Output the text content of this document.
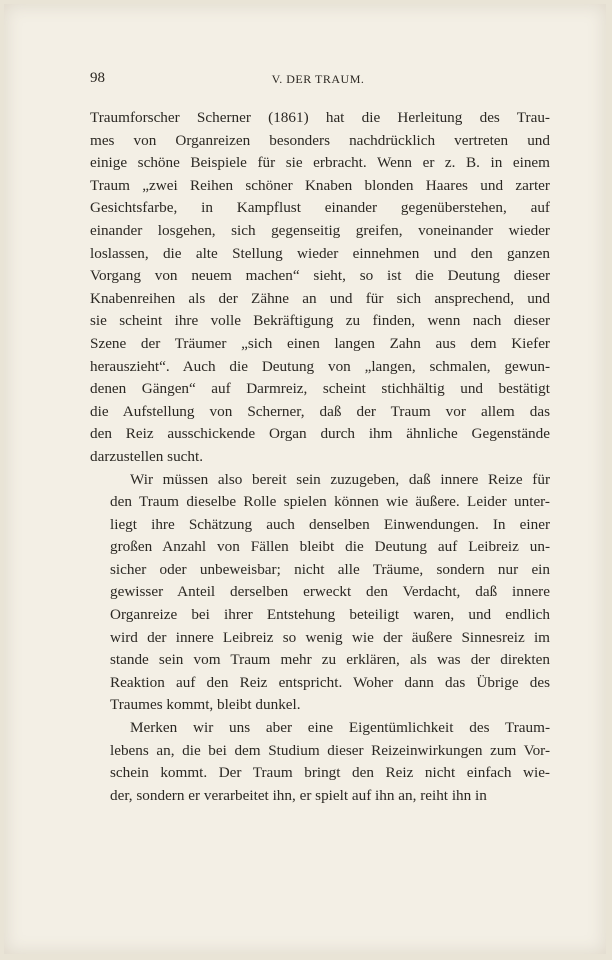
98	V. DER TRAUM.
Traumforscher Scherner (1861) hat die Herleitung des Trau-
mes von Organreizen besonders nachdrücklich vertreten und
einige schöne Beispiele für sie erbracht. Wenn er z. B. in einem
Traum „zwei Reihen schöner Knaben blonden Haares und zarter
Gesichtsfarbe, in Kampflust einander gegenüberstehen, auf
einander losgehen, sich gegenseitig greifen, voneinander wieder
loslassen, die alte Stellung wieder einnehmen und den ganzen
Vorgang von neuem machen“ sieht, so ist die Deutung dieser
Knabenreihen als der Zähne an und für sich ansprechend, und
sie scheint ihre volle Bekräftigung zu finden, wenn nach dieser
Szene der Träumer „sich einen langen Zahn aus dem Kiefer
herauszieht“. Auch die Deutung von „langen, schmalen, gewun-
denen Gängen“ auf Darmreiz, scheint stichhältig und bestätigt
die Aufstellung von Scherner, daß der Traum vor allem das
den Reiz ausschickende Organ durch ihm ähnliche Gegenstände
darzustellen sucht.
Wir müssen also bereit sein zuzugeben, daß innere Reize für
den Traum dieselbe Rolle spielen können wie äußere. Leider unter-
liegt ihre Schätzung auch denselben Einwendungen. In einer
großen Anzahl von Fällen bleibt die Deutung auf Leibreiz un-
sicher oder unbeweisbar; nicht alle Träume, sondern nur ein
gewisser Anteil derselben erweckt den Verdacht, daß innere
Organreize bei ihrer Entstehung beteiligt waren, und endlich
wird der innere Leibreiz so wenig wie der äußere Sinnesreiz im
stande sein vom Traum mehr zu erklären, als was der direkten
Reaktion auf den Reiz entspricht. Woher dann das Übrige des
Traumes kommt, bleibt dunkel.
Merken wir uns aber eine Eigentümlichkeit des Traum-
lebens an, die bei dem Studium dieser Reizeinwirkungen zum Vor-
schein kommt. Der Traum bringt den Reiz nicht einfach wie-
der, sondern er verarbeitet ihn, er spielt auf ihn an, reiht ihn in
